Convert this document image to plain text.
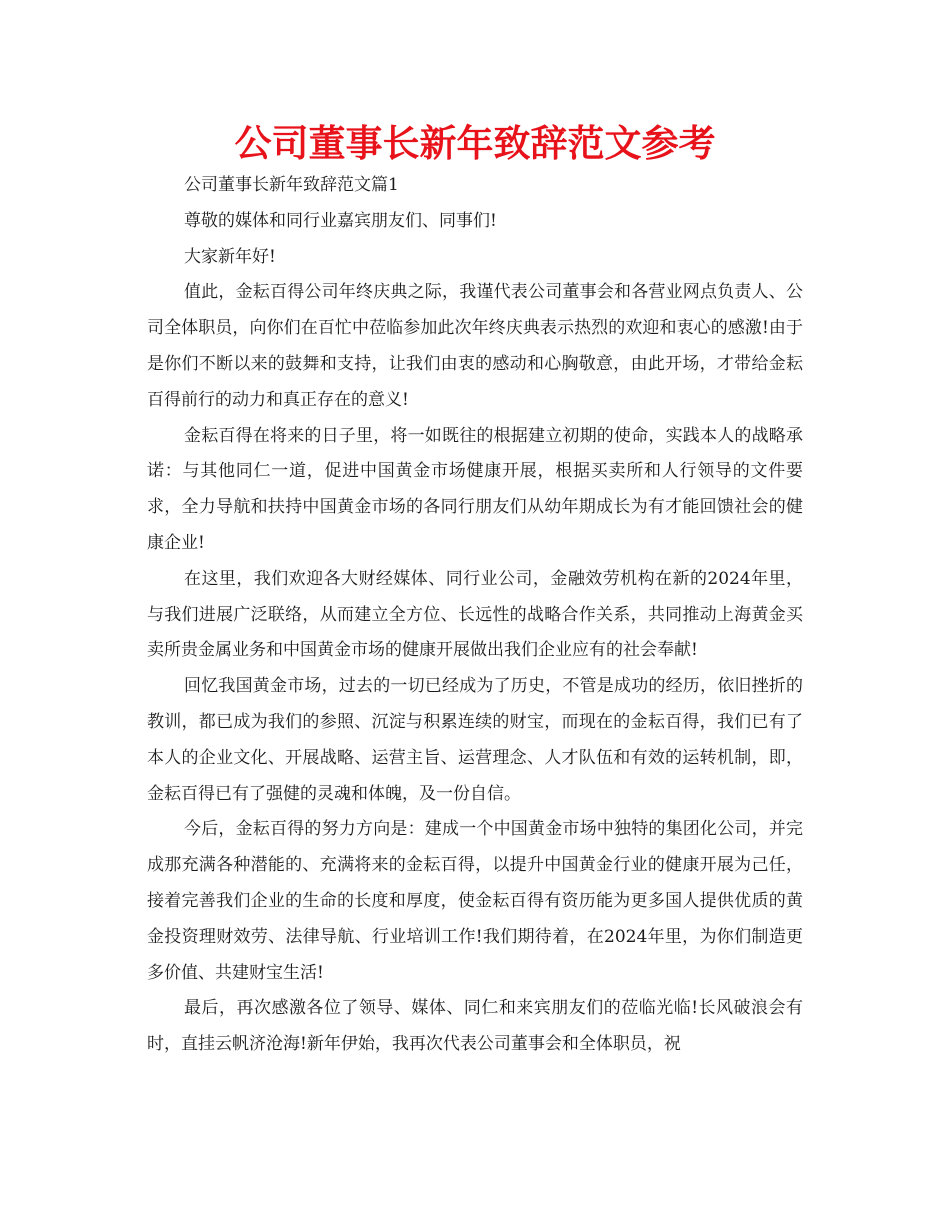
公司董事长新年致辞范文参考

公司董事长新年致辞范文篇1

尊敬的媒体和同行业嘉宾朋友们、同事们!

大家新年好!

值此，金耘百得公司年终庆典之际，我谨代表公司董事会和各营业网点负责人、公司全体职员，向你们在百忙中莅临参加此次年终庆典表示热烈的欢迎和衷心的感激!由于是你们不断以来的鼓舞和支持，让我们由衷的感动和心胸敬意，由此开场，才带给金耘百得前行的动力和真正存在的意义!

金耘百得在将来的日子里，将一如既往的根据建立初期的使命，实践本人的战略承诺：与其他同仁一道，促进中国黄金市场健康开展，根据买卖所和人行领导的文件要求，全力导航和扶持中国黄金市场的各同行朋友们从幼年期成长为有才能回馈社会的健康企业!

在这里，我们欢迎各大财经媒体、同行业公司，金融效劳机构在新的2024年里，与我们进展广泛联络，从而建立全方位、长远性的战略合作关系，共同推动上海黄金买卖所贵金属业务和中国黄金市场的健康开展做出我们企业应有的社会奉献!

回忆我国黄金市场，过去的一切已经成为了历史，不管是成功的经历，依旧挫折的教训，都已成为我们的参照、沉淀与积累连续的财宝，而现在的金耘百得，我们已有了本人的企业文化、开展战略、运营主旨、运营理念、人才队伍和有效的运转机制，即，金耘百得已有了强健的灵魂和体魄，及一份自信。

今后，金耘百得的努力方向是：建成一个中国黄金市场中独特的集团化公司，并完成那充满各种潜能的、充满将来的金耘百得，以提升中国黄金行业的健康开展为己任，接着完善我们企业的生命的长度和厚度，使金耘百得有资历能为更多国人提供优质的黄金投资理财效劳、法律导航、行业培训工作!我们期待着，在2024年里，为你们制造更多价值、共建财宝生活!

最后，再次感激各位了领导、媒体、同仁和来宾朋友们的莅临光临!长风破浪会有时，直挂云帆济沧海!新年伊始，我再次代表公司董事会和全体职员，祝
